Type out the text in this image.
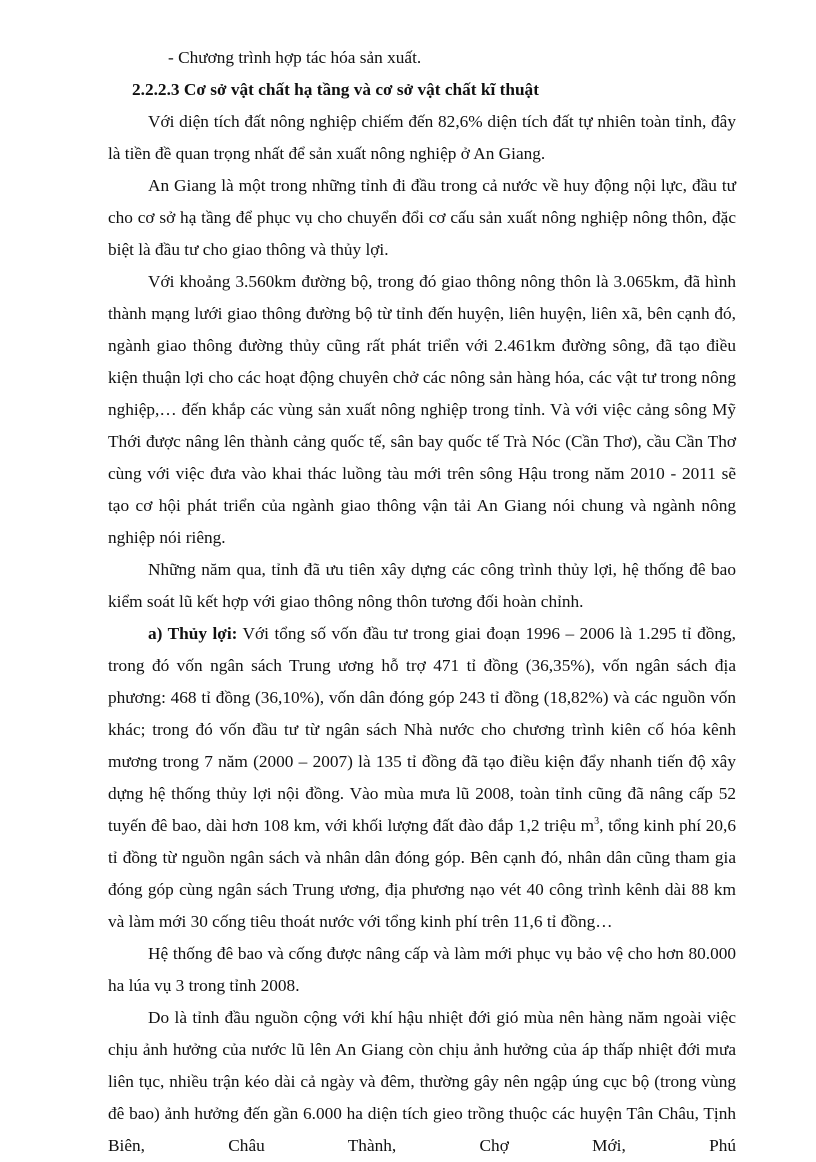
- Chương trình hợp tác hóa sản xuất.

2.2.2.3 Cơ sở vật chất hạ tầng và cơ sở vật chất kĩ thuật

Với diện tích đất nông nghiệp chiếm đến 82,6% diện tích đất tự nhiên toàn tỉnh, đây là tiền đề quan trọng nhất để sản xuất nông nghiệp ở An Giang.

An Giang là một trong những tỉnh đi đầu trong cả nước về huy động nội lực, đầu tư cho cơ sở hạ tầng để phục vụ cho chuyển đổi cơ cấu sản xuất nông nghiệp nông thôn, đặc biệt là đầu tư cho giao thông và thủy lợi.

Với khoảng 3.560km đường bộ, trong đó giao thông nông thôn là 3.065km, đã hình thành mạng lưới giao thông đường bộ từ tỉnh đến huyện, liên huyện, liên xã, bên cạnh đó, ngành giao thông đường thủy cũng rất phát triển với 2.461km đường sông, đã tạo điều kiện thuận lợi cho các hoạt động chuyên chở các nông sản hàng hóa, các vật tư trong nông nghiệp,… đến khắp các vùng sản xuất nông nghiệp trong tỉnh. Và với việc cảng sông Mỹ Thới được nâng lên thành cảng quốc tế, sân bay quốc tế Trà Nóc (Cần Thơ), cầu Cần Thơ cùng với việc đưa vào khai thác luồng tàu mới trên sông Hậu trong năm 2010 - 2011 sẽ tạo cơ hội phát triển của ngành giao thông vận tải An Giang nói chung và ngành nông nghiệp nói riêng.

Những năm qua, tỉnh đã ưu tiên xây dựng các công trình thủy lợi, hệ thống đê bao kiểm soát lũ kết hợp với giao thông nông thôn tương đối hoàn chỉnh.

a) Thủy lợi: Với tổng số vốn đầu tư trong giai đoạn 1996 – 2006 là 1.295 tỉ đồng, trong đó vốn ngân sách Trung ương hỗ trợ 471 tỉ đồng (36,35%), vốn ngân sách địa phương: 468 tỉ đồng (36,10%), vốn dân đóng góp 243 tỉ đồng (18,82%) và các nguồn vốn khác; trong đó vốn đầu tư từ ngân sách Nhà nước cho chương trình kiên cố hóa kênh mương trong 7 năm (2000 – 2007) là 135 tỉ đồng đã tạo điều kiện đẩy nhanh tiến độ xây dựng hệ thống thủy lợi nội đồng. Vào mùa mưa lũ 2008, toàn tỉnh cũng đã nâng cấp 52 tuyến đê bao, dài hơn 108 km, với khối lượng đất đào đắp 1,2 triệu $m^3$, tổng kinh phí 20,6 tỉ đồng từ nguồn ngân sách và nhân dân đóng góp. Bên cạnh đó, nhân dân cũng tham gia đóng góp cùng ngân sách Trung ương, địa phương nạo vét 40 công trình kênh dài 88 km và làm mới 30 cống tiêu thoát nước với tổng kinh phí trên 11,6 tỉ đồng…

Hệ thống đê bao và cống được nâng cấp và làm mới phục vụ bảo vệ cho hơn 80.000 ha lúa vụ 3 trong tỉnh 2008.

Do là tỉnh đầu nguồn cộng với khí hậu nhiệt đới gió mùa nên hàng năm ngoài việc chịu ảnh hưởng của nước lũ lên An Giang còn chịu ảnh hưởng của áp thấp nhiệt đới mưa liên tục, nhiều trận kéo dài cả ngày và đêm, thường gây nên ngập úng cục bộ (trong vùng đê bao) ảnh hưởng đến gần 6.000 ha diện tích gieo trồng thuộc các huyện Tân Châu, Tịnh Biên, Châu Thành, Chợ Mới, Phú
